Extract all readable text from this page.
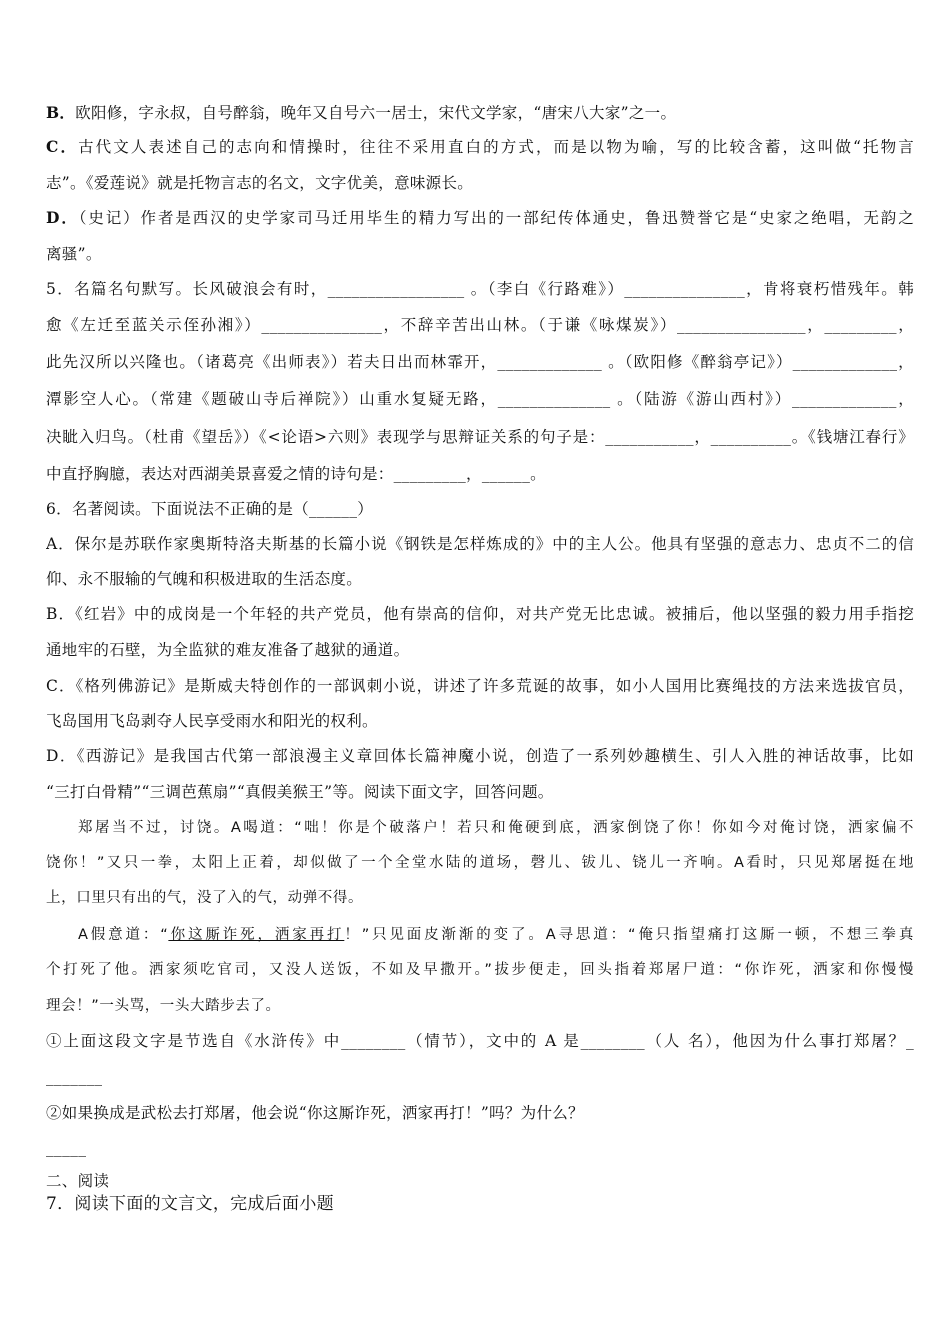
B．欧阳修，字永叔，自号醉翁，晚年又自号六一居士，宋代文学家，“唐宋八大家”之一。
C．古代文人表述自己的志向和情操时，往往不采用直白的方式，而是以物为喻，写的比较含蓄，这叫做“托物言
志”。《爱莲说》就是托物言志的名文，文字优美，意味源长。
D．（史记）作者是西汉的史学家司马迁用毕生的精力写出的一部纪传体通史，鲁迅赞誉它是“史家之绝唱，无韵之
离骚”。
5．名篇名句默写。长风破浪会有时，_________________ 。（李白《行路难》）_______________，肯将衰朽惜残年。韩
愈《左迁至蓝关示侄孙湘》）_______________，不辞辛苦出山林。（于谦《咏煤炭》）________________，_________，
此先汉所以兴隆也。（诸葛亮《出师表》）若夫日出而林霏开，_____________ 。（欧阳修《醉翁亭记》）_____________，
潭影空人心。（常建《题破山寺后禅院》）山重水复疑无路，______________ 。（陆游《游山西村》）_____________，
决眦入归鸟。（杜甫《望岳》）《<论语>六则》表现学与思辩证关系的句子是：___________，__________。《钱塘江春行》
中直抒胸臆，表达对西湖美景喜爱之情的诗句是：_________，______。
6．名著阅读。下面说法不正确的是（______）
A．保尔是苏联作家奥斯特洛夫斯基的长篇小说《钢铁是怎样炼成的》中的主人公。他具有坚强的意志力、忠贞不二的信
仰、永不服输的气魄和积极进取的生活态度。
B．《红岩》中的成岗是一个年轻的共产党员，他有崇高的信仰，对共产党无比忠诚。被捕后，他以坚强的毅力用手指挖
通地牢的石壁，为全监狱的难友准备了越狱的通道。
C．《格列佛游记》是斯威夫特创作的一部讽刺小说，讲述了许多荒诞的故事，如小人国用比赛绳技的方法来选拔官员，
飞岛国用飞岛剥夺人民享受雨水和阳光的权利。
D．《西游记》是我国古代第一部浪漫主义章回体长篇神魔小说，创造了一系列妙趣横生、引人入胜的神话故事，比如
“三打白骨精”“三调芭蕉扇”“真假美猴王”等。阅读下面文字，回答问题。
郑屠当不过，讨饶。A喝道：“咄！你是个破落户！若只和俺硬到底，洒家倒饶了你！你如今对俺讨饶，洒家偏不
饶你！”又只一拳，太阳上正着，却似做了一个全堂水陆的道场，磬儿、钹儿、铙儿一齐响。A看时，只见郑屠挺在地
上，口里只有出的气，没了入的气，动弹不得。
A假意道：“你这厮诈死，洒家再打！”只见面皮渐渐的变了。A寻思道：“俺只指望痛打这厮一顿，不想三拳真
个打死了他。洒家须吃官司，又没人送饭，不如及早撒开。”拔步便走，回头指着郑屠尸道：“你诈死，洒家和你慢慢
理会！”一头骂，一头大踏步去了。
①上面这段文字是节选自《水浒传》中________（情节），文中的 A 是________（人 名），他因为什么事打郑屠？_
_______
②如果换成是武松去打郑屠，他会说“你这厮诈死，洒家再打！”吗？为什么？
_____
二、阅读
7．阅读下面的文言文，完成后面小题
